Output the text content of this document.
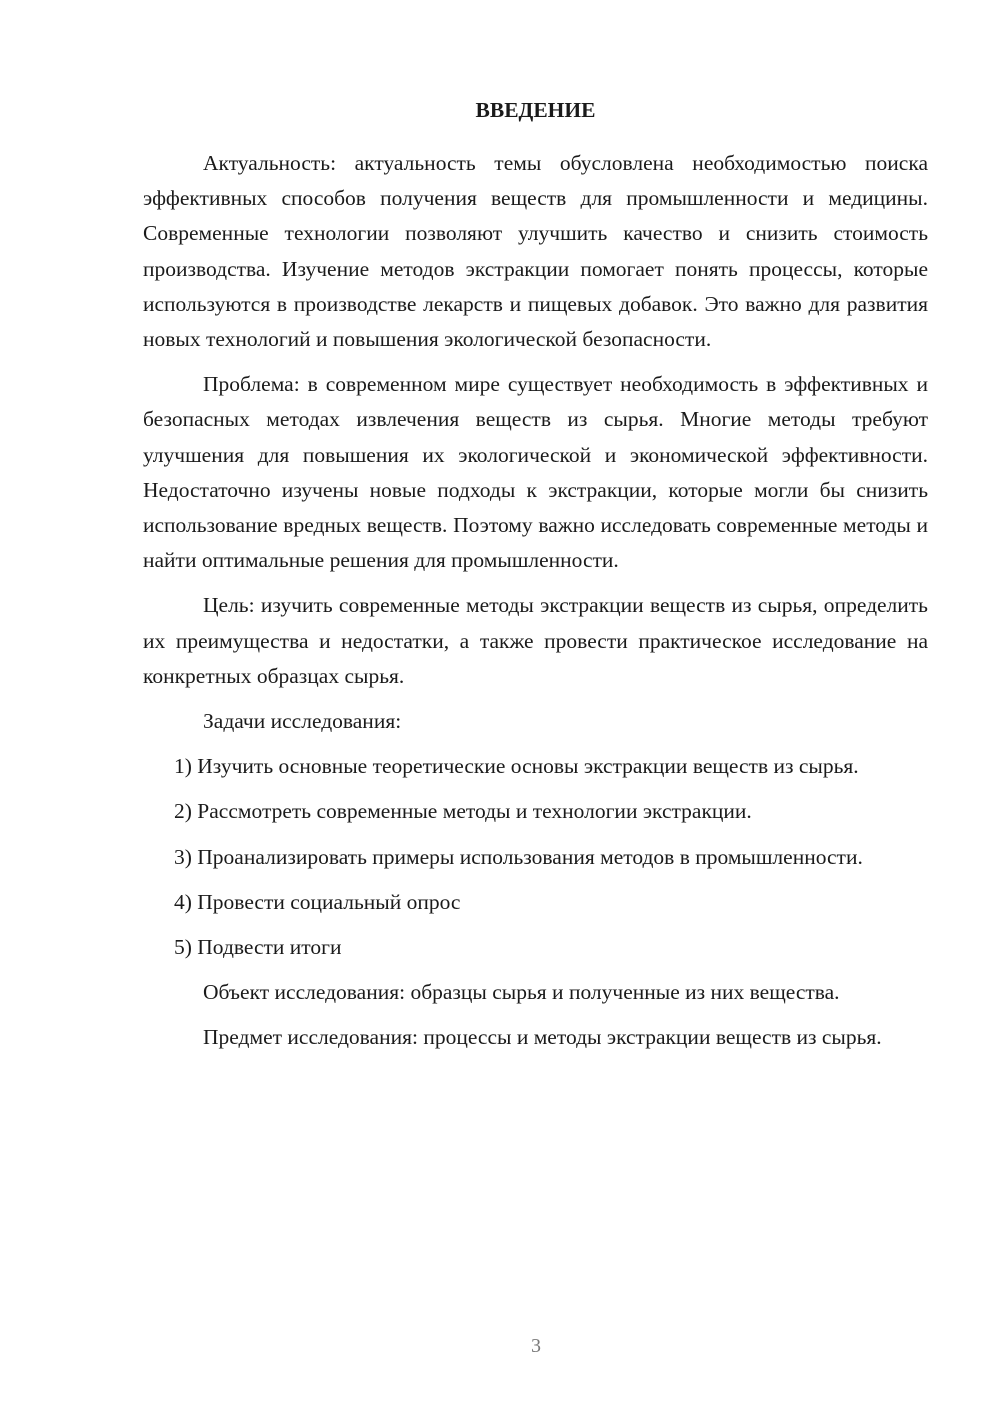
ВВЕДЕНИЕ

Актуальность: актуальность темы обусловлена необходимостью поиска эффективных способов получения веществ для промышленности и медицины. Современные технологии позволяют улучшить качество и снизить стоимость производства. Изучение методов экстракции помогает понять процессы, которые используются в производстве лекарств и пищевых добавок. Это важно для развития новых технологий и повышения экологической безопасности.

Проблема: в современном мире существует необходимость в эффективных и безопасных методах извлечения веществ из сырья. Многие методы требуют улучшения для повышения их экологической и экономической эффективности. Недостаточно изучены новые подходы к экстракции, которые могли бы снизить использование вредных веществ. Поэтому важно исследовать современные методы и найти оптимальные решения для промышленности.

Цель: изучить современные методы экстракции веществ из сырья, определить их преимущества и недостатки, а также провести практическое исследование на конкретных образцах сырья.

Задачи исследования:

1) Изучить основные теоретические основы экстракции веществ из сырья.

2) Рассмотреть современные методы и технологии экстракции.

3) Проанализировать примеры использования методов в промышленности.

4) Провести социальный опрос

5) Подвести итоги

Объект исследования: образцы сырья и полученные из них вещества.

Предмет исследования: процессы и методы экстракции веществ из сырья.

3
